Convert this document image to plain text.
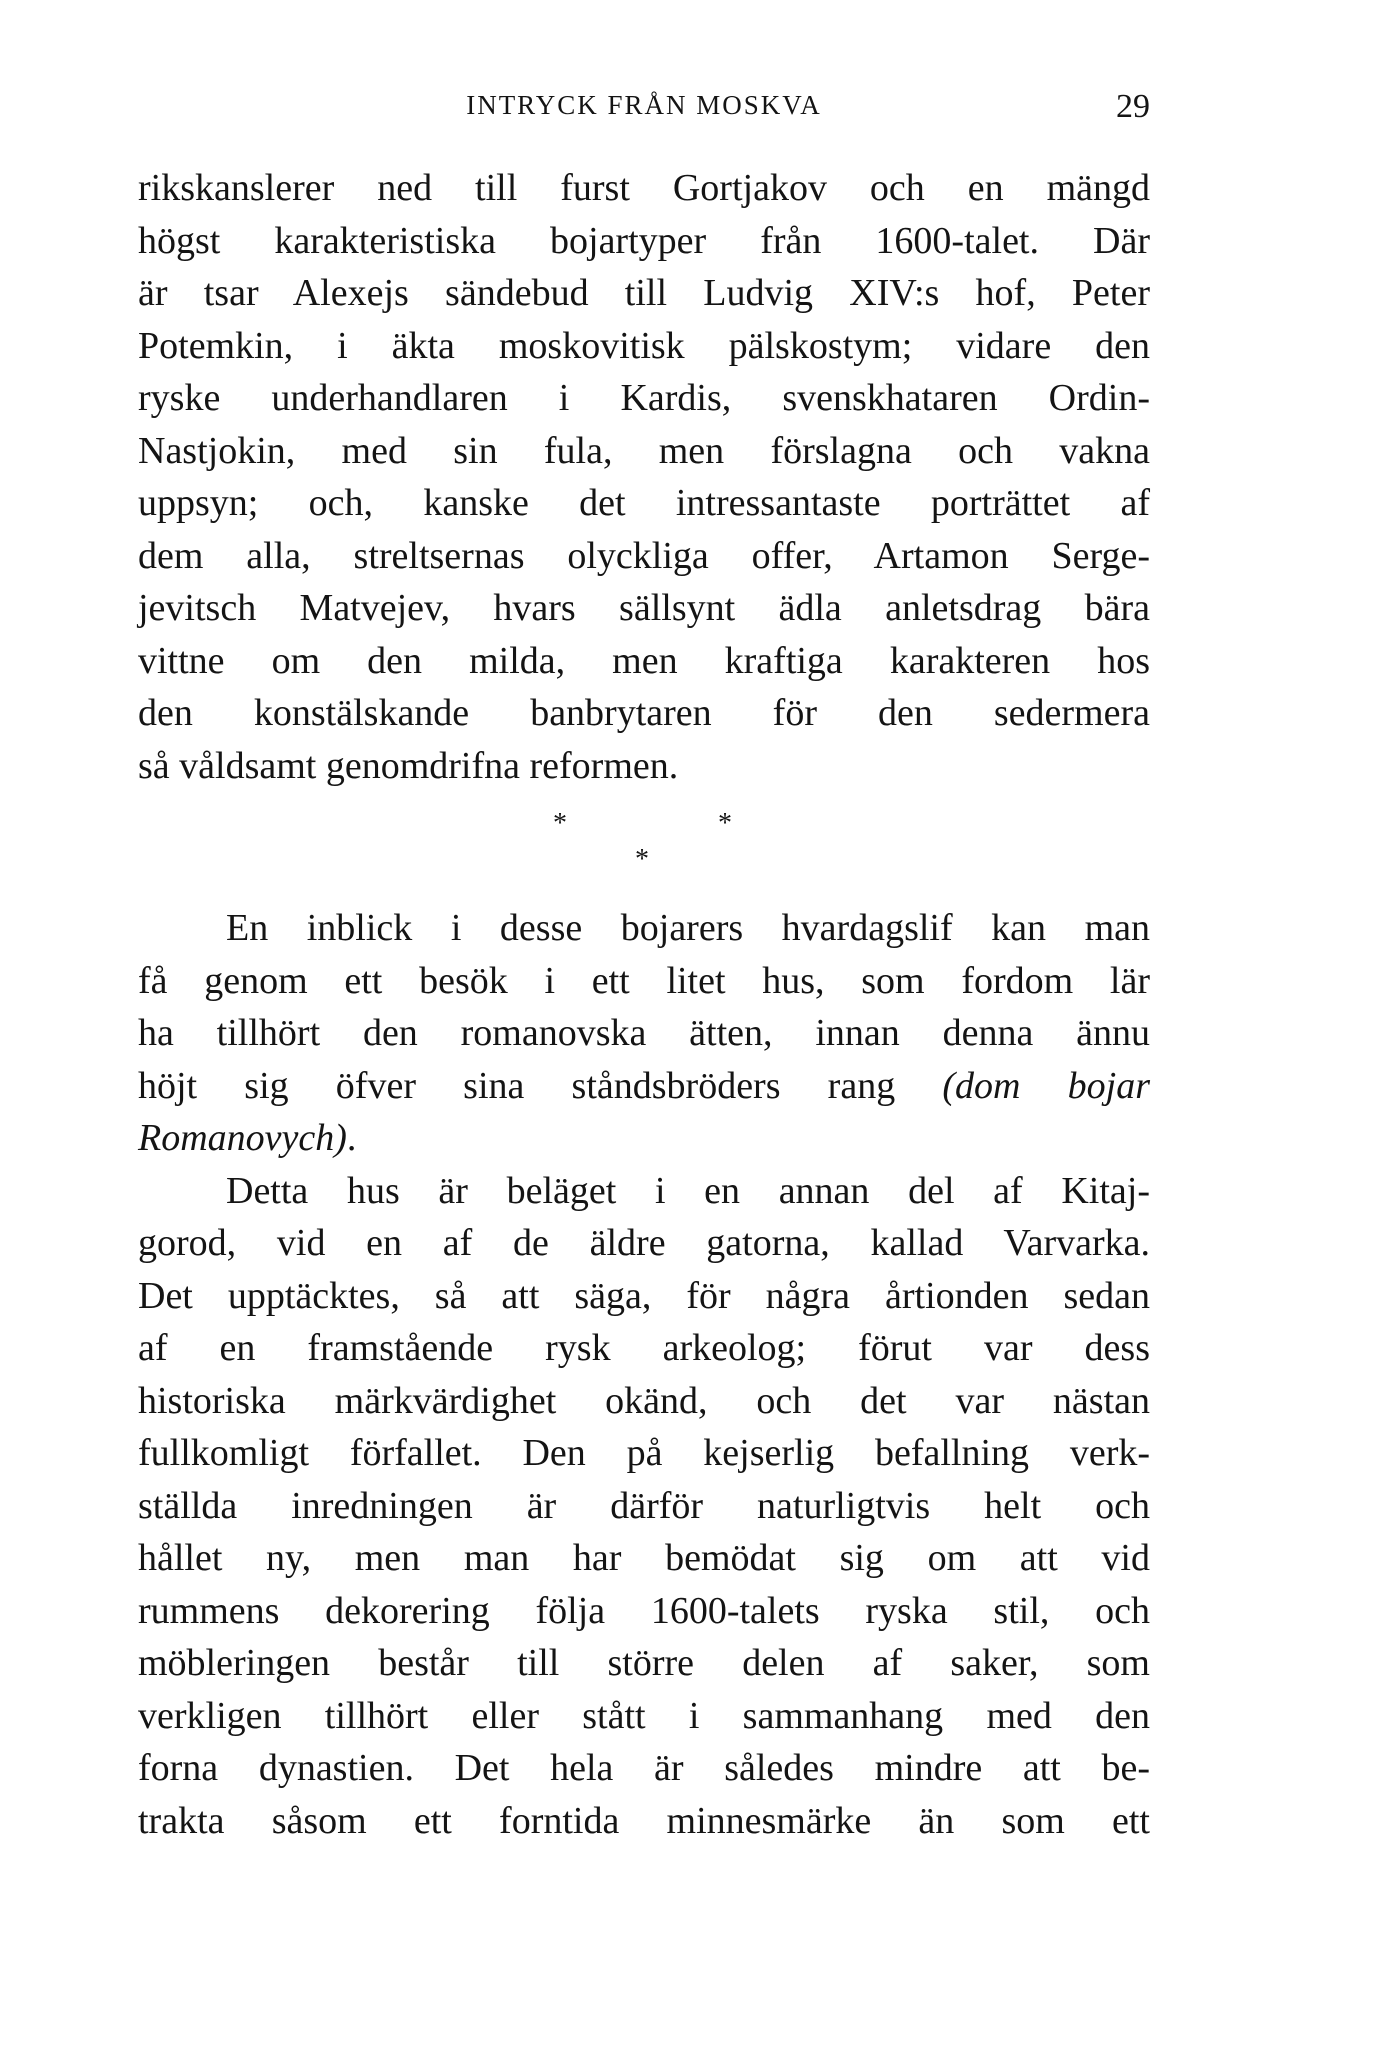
INTRYCK FRÅN MOSKVA	29
rikskanslerer ned till furst Gortjakov och en mängd
högst karakteristiska bojartyper från 1600-talet. Där
är tsar Alexejs sändebud till Ludvig XIV:s hof, Peter
Potemkin, i äkta moskovitisk pälskostym; vidare den
ryske underhandlaren i Kardis, svenskhataren Ordin-
Nastjokin, med sin fula, men förslagna och vakna
uppsyn; och, kanske det intressantaste porträttet af
dem alla, streltsernas olyckliga offer, Artamon Serge-
jevitsch Matvejev, hvars sällsynt ädla anletsdrag bära
vittne om den milda, men kraftiga karakteren hos
den konstälskande banbrytaren för den sedermera
så våldsamt genomdrifna reformen.
*	*
*
En inblick i desse bojarers hvardagslif kan man
få genom ett besök i ett litet hus, som fordom lär
ha tillhört den romanovska ätten, innan denna ännu
höjt sig öfver sina ståndsbröders rang (dom bojar
Romanovych).
Detta hus är beläget i en annan del af Kitaj-
gorod, vid en af de äldre gatorna, kallad Varvarka.
Det upptäcktes, så att säga, för några årtionden sedan
af en framstående rysk arkeolog; förut var dess
historiska märkvärdighet okänd, och det var nästan
fullkomligt förfallet. Den på kejserlig befallning verk-
ställda inredningen är därför naturligtvis helt och
hållet ny, men man har bemödat sig om att vid
rummens dekorering följa 1600-talets ryska stil, och
möbleringen består till större delen af saker, som
verkligen tillhört eller stått i sammanhang med den
forna dynastien. Det hela är således mindre att be-
trakta såsom ett forntida minnesmärke än som ett
